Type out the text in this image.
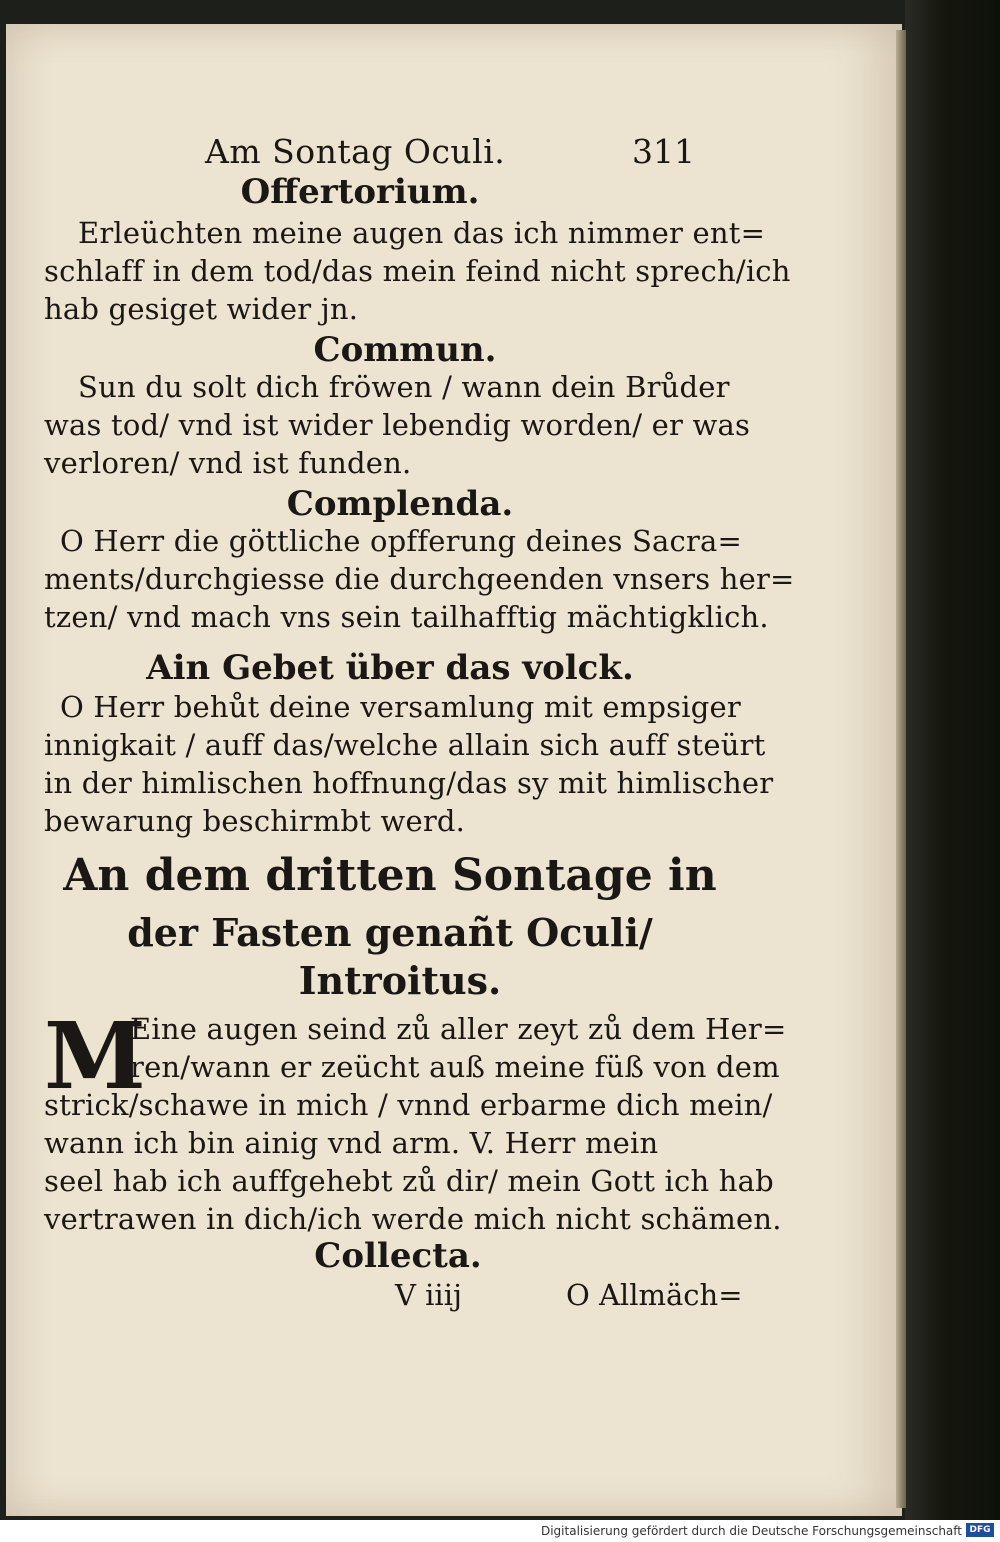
Am Sontag Oculi.	311
Offertorium.
Erleüchten meine augen das ich nimmer ent=
schlaff in dem tod/das mein feind nicht sprech/ich
hab gesiget wider jn.
Commun.
Sun du solt dich fröwen / wann dein Brůder
was tod/ vnd ist wider lebendig worden/ er was
verloren/ vnd ist funden.
Complenda.
O Herr die göttliche opfferung deines Sacra=
ments/durchgiesse die durchgeenden vnsers her=
tzen/ vnd mach vns sein tailhafftig mächtigklich.
Ain Gebet über das volck.
O Herr behůt deine versamlung mit empsiger
innigkait / auff das/welche allain sich auff steürt
in der himlischen hoffnung/das sy mit himlischer
bewarung beschirmbt werd.
An dem dritten Sontage in
der Fasten genañt Oculi/
Introitus.
M
Eine augen seind zů aller zeyt zů dem Her=
ren/wann er zeücht auß meine füß von dem
strick/schawe in mich / vnnd erbarme dich mein/
wann ich bin ainig vnd arm. V. Herr mein
seel hab ich auffgehebt zů dir/ mein Gott ich hab
vertrawen in dich/ich werde mich nicht schämen.
Collecta.
V iiij	O Allmäch=
Digitalisierung gefördert durch die Deutsche Forschungsgemeinschaft DFG
